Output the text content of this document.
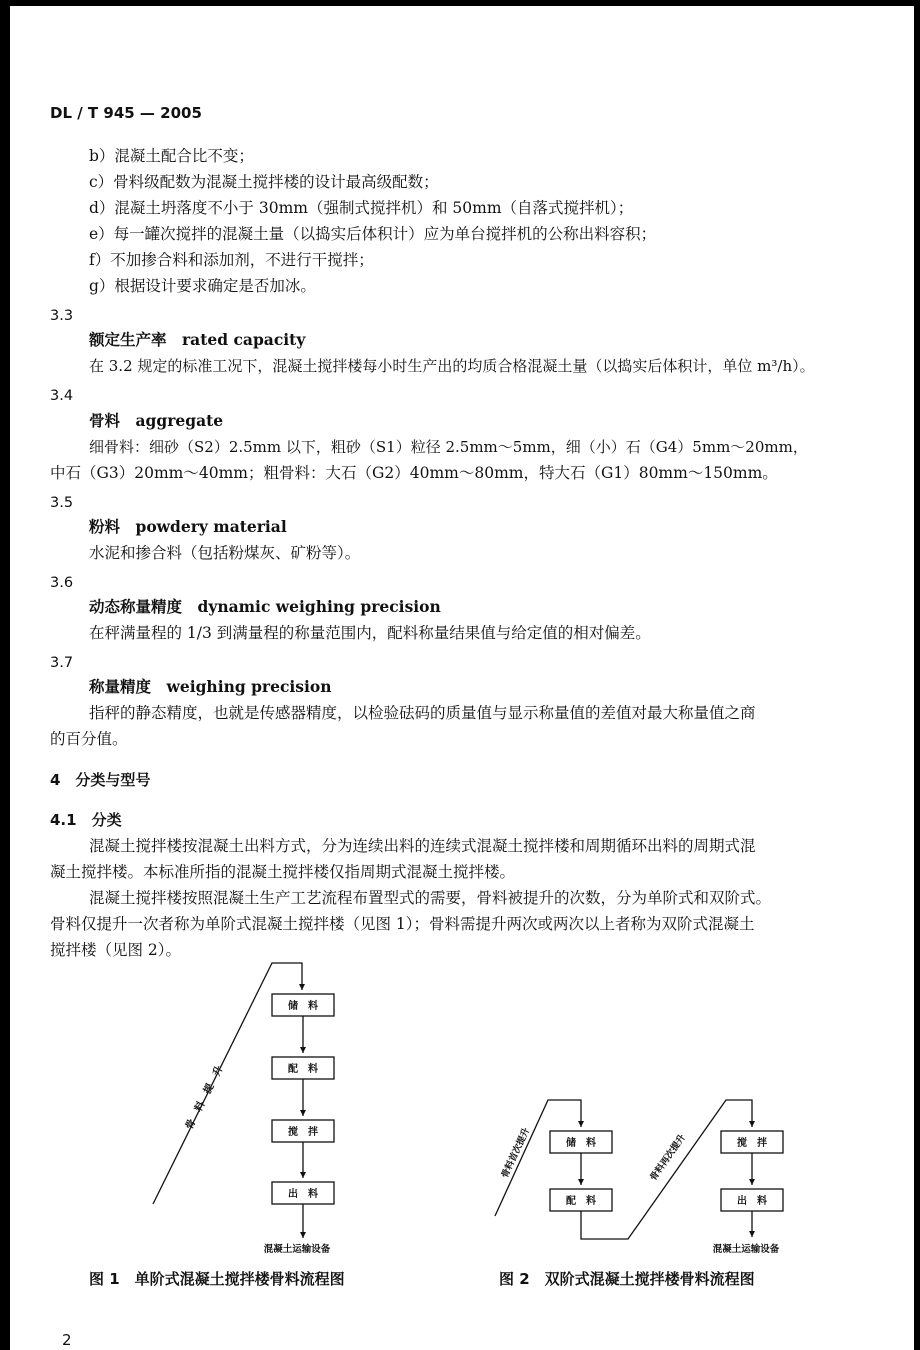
DL / T 945 — 2005
b）混凝土配合比不变；
c）骨料级配数为混凝土搅拌楼的设计最高级配数；
d）混凝土坍落度不小于 30mm（强制式搅拌机）和 50mm（自落式搅拌机）；
e）每一罐次搅拌的混凝土量（以捣实后体积计）应为单台搅拌机的公称出料容积；
f）不加掺合料和添加剂，不进行干搅拌；
g）根据设计要求确定是否加冰。
3.3
额定生产率　rated capacity
在 3.2 规定的标准工况下，混凝土搅拌楼每小时生产出的均质合格混凝土量（以捣实后体积计，单位 m³/h）。
3.4
骨料　aggregate
细骨料：细砂（S2）2.5mm 以下，粗砂（S1）粒径 2.5mm～5mm，细（小）石（G4）5mm～20mm，
中石（G3）20mm～40mm；粗骨料：大石（G2）40mm～80mm，特大石（G1）80mm～150mm。
3.5
粉料　powdery material
水泥和掺合料（包括粉煤灰、矿粉等）。
3.6
动态称量精度　dynamic weighing precision
在秤满量程的 1/3 到满量程的称量范围内，配料称量结果值与给定值的相对偏差。
3.7
称量精度　weighing precision
指秤的静态精度，也就是传感器精度，以检验砝码的质量值与显示称量值的差值对最大称量值之商
的百分值。
4　分类与型号
4.1　分类
混凝土搅拌楼按混凝土出料方式，分为连续出料的连续式混凝土搅拌楼和周期循环出料的周期式混
凝土搅拌楼。本标准所指的混凝土搅拌楼仅指周期式混凝土搅拌楼。
混凝土搅拌楼按照混凝土生产工艺流程布置型式的需要，骨料被提升的次数，分为单阶式和双阶式。
骨料仅提升一次者称为单阶式混凝土搅拌楼（见图 1）；骨料需提升两次或两次以上者称为双阶式混凝土
搅拌楼（见图 2）。
储　料
配　料
搅　拌
出　料
混凝土运输设备
骨　料　提　升
储　料
配　料
搅　拌
出　料
混凝土运输设备
骨料首次提升	骨料再次提升
图 1　单阶式混凝土搅拌楼骨料流程图	图 2　双阶式混凝土搅拌楼骨料流程图
2
